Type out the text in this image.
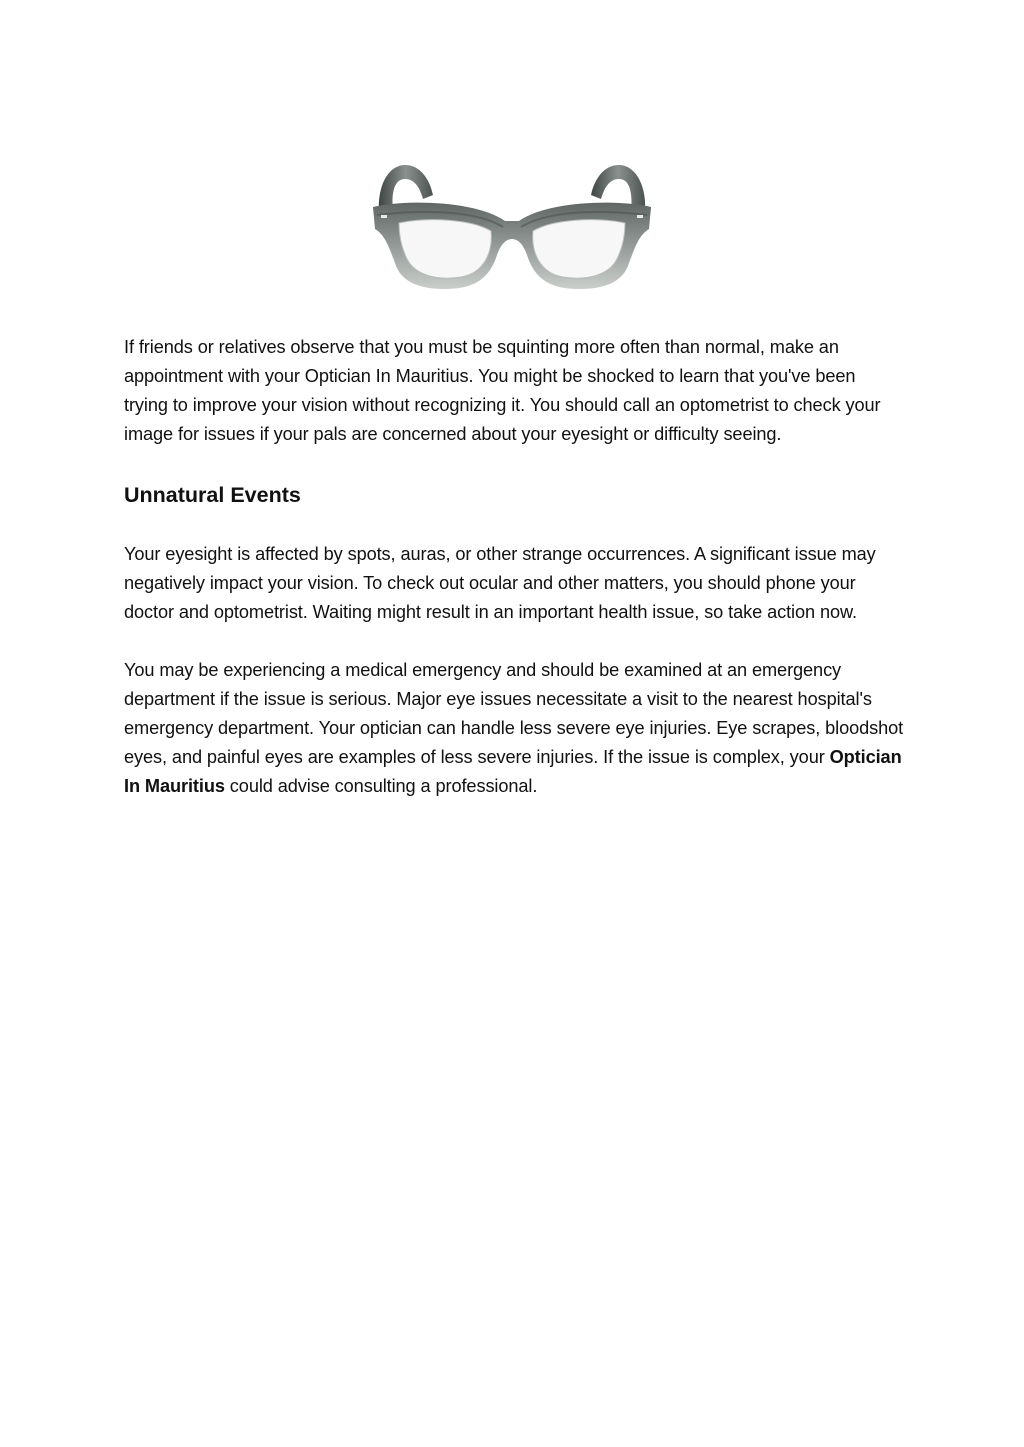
If friends or relatives observe that you must be squinting more often than normal, make an appointment with your Optician In Mauritius. You might be shocked to learn that you've been trying to improve your vision without recognizing it. You should call an optometrist to check your image for issues if your pals are concerned about your eyesight or difficulty seeing.

Unnatural Events

Your eyesight is affected by spots, auras, or other strange occurrences. A significant issue may negatively impact your vision. To check out ocular and other matters, you should phone your doctor and optometrist. Waiting might result in an important health issue, so take action now.

You may be experiencing a medical emergency and should be examined at an emergency department if the issue is serious. Major eye issues necessitate a visit to the nearest hospital's emergency department. Your optician can handle less severe eye injuries. Eye scrapes, bloodshot eyes, and painful eyes are examples of less severe injuries. If the issue is complex, your Optician In Mauritius could advise consulting a professional.
